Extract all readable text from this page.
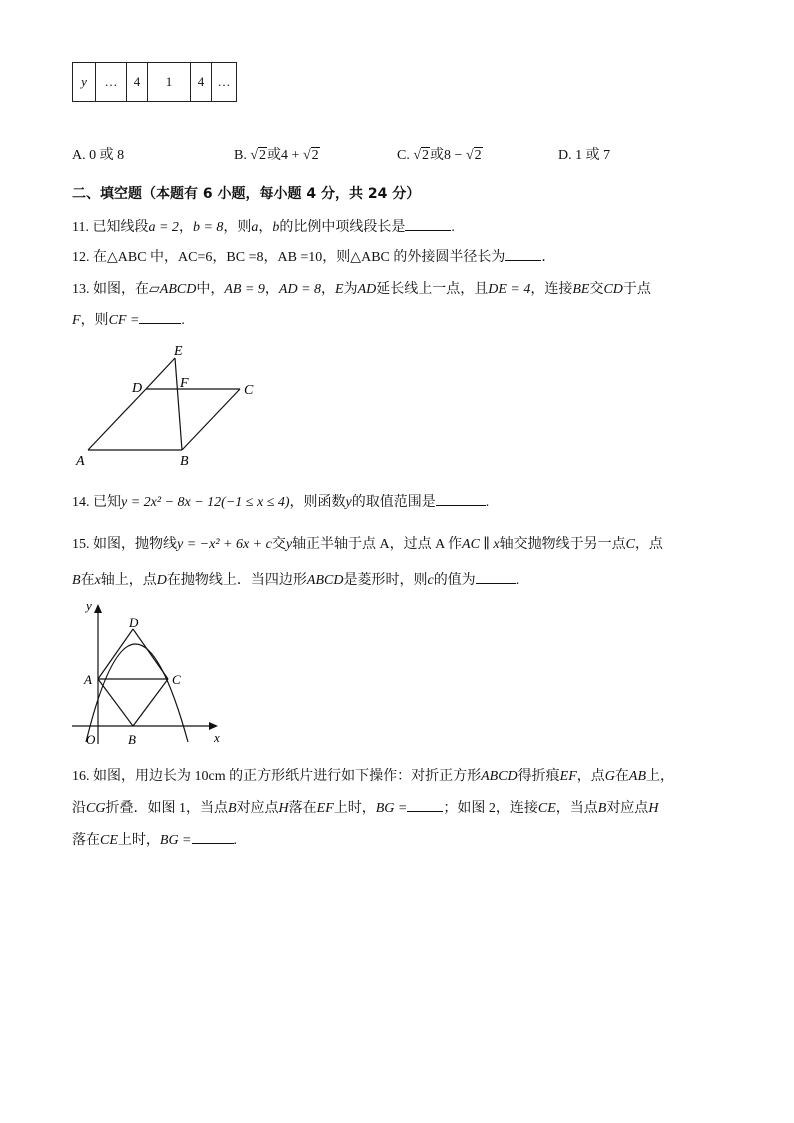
y	…	4	1	4	…
A. 0 或 8	B. √2或4 + √2	C. √2或8 − √2	D. 1 或 7
二、填空题（本题有 6 小题，每小题 4 分，共 24 分）
11. 已知线段a = 2，b = 8，则a，b的比例中项线段长是	.
12. 在△ABC 中，AC=6，BC =8，AB =10，则△ABC 的外接圆半径长为	．
13. 如图，在▱ABCD中，AB = 9，AD = 8，E为AD延长线上一点，且DE = 4，连接BE交CD于点
F，则CF =	.
A	B
C
D
E
F
14. 已知y = 2x² − 8x − 12(−1 ≤ x ≤ 4)，则函数y的取值范围是	.
15. 如图，抛物线y = −x² + 6x + c交y轴正半轴于点 A，过点 A 作AC ∥ x轴交抛物线于另一点C，点
B在x轴上，点D在抛物线上．当四边形ABCD是菱形时，则c的值为	.
y
x
O
A
B
C
D
16. 如图，用边长为 10cm 的正方形纸片进行如下操作：对折正方形ABCD得折痕EF，点G在AB上，
沿CG折叠．如图 1，当点B对应点H落在EF上时，BG =	；如图 2，连接CE，当点B对应点H
落在CE上时，BG =	.
